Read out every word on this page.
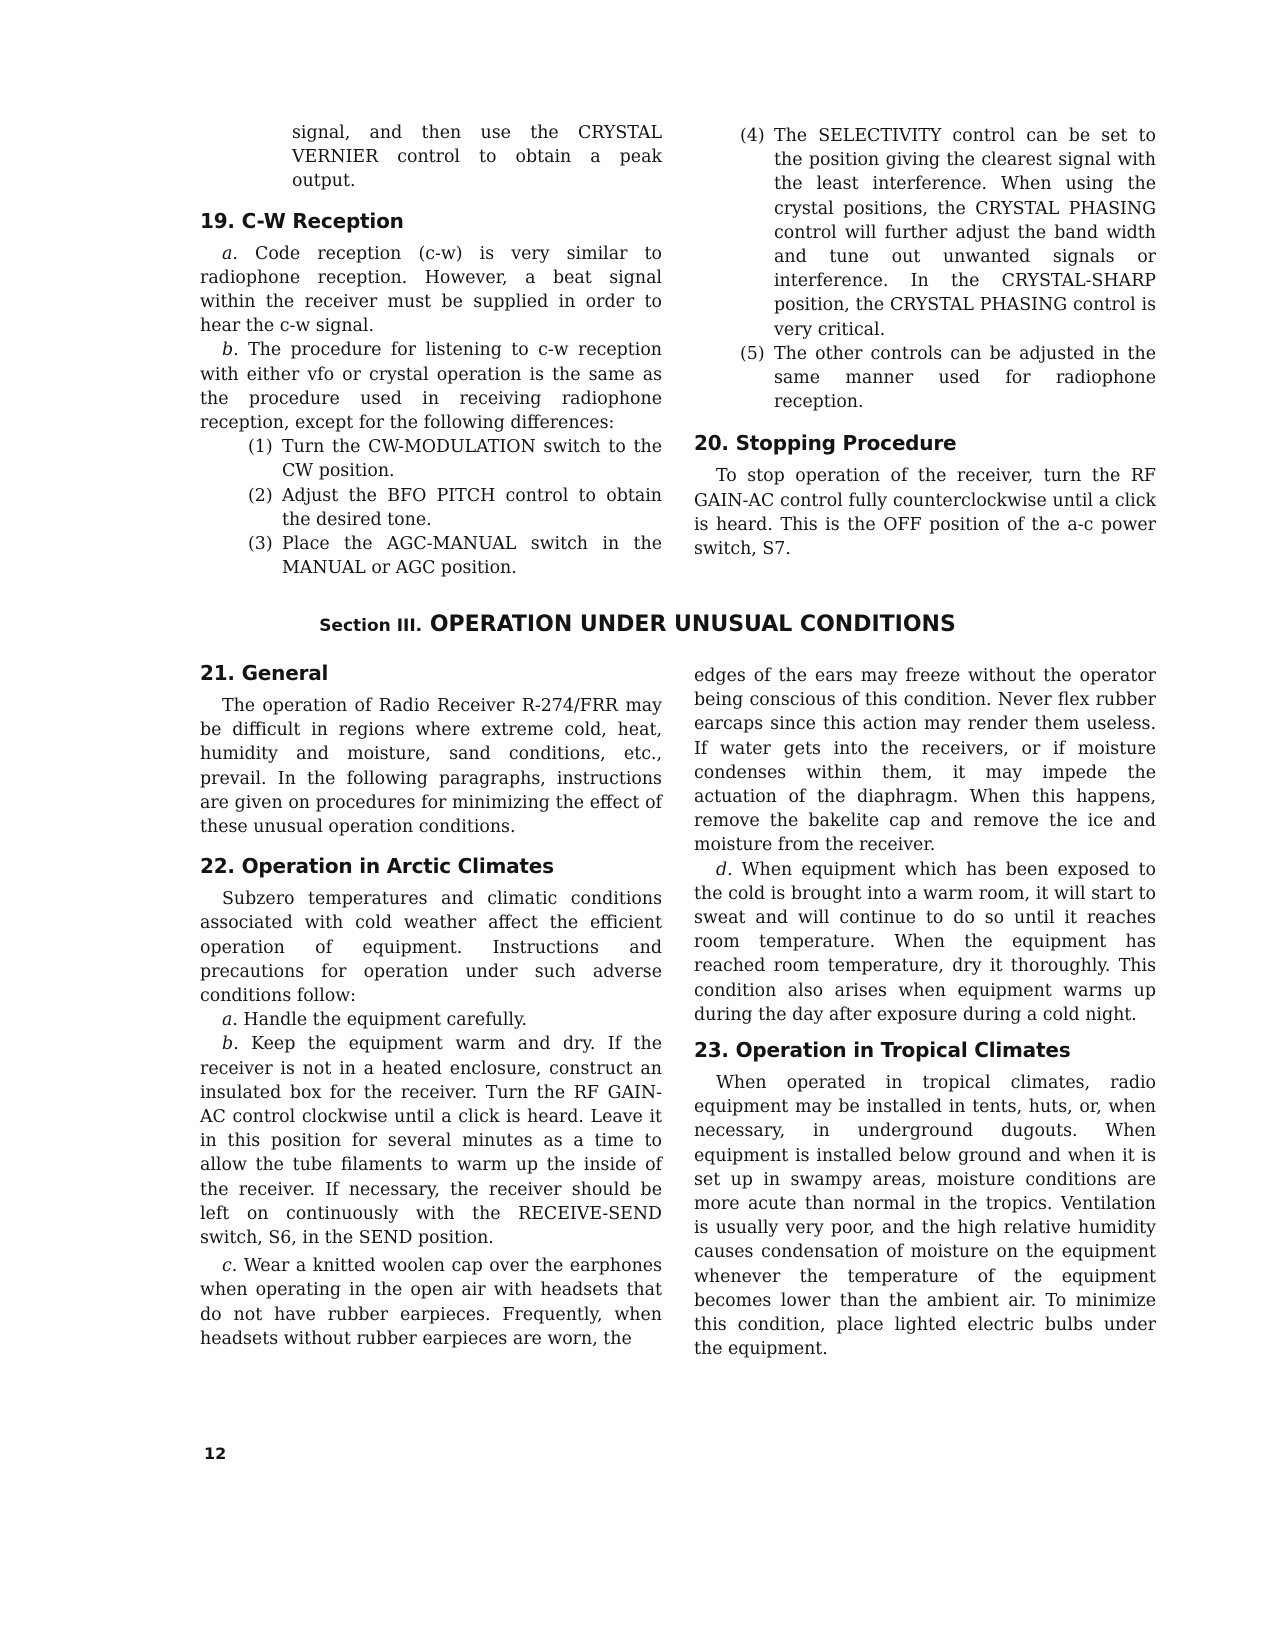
signal, and then use the CRYSTAL VERNIER control to obtain a peak output.

19. C-W Reception

a. Code reception (c-w) is very similar to radiophone reception. However, a beat signal within the receiver must be supplied in order to hear the c-w signal.

b. The procedure for listening to c-w reception with either vfo or crystal operation is the same as the procedure used in receiving radiophone reception, except for the following differences:

(1) Turn the CW-MODULATION switch to the CW position.
(2) Adjust the BFO PITCH control to obtain the desired tone.
(3) Place the AGC-MANUAL switch in the MANUAL or AGC position.
(4) The SELECTIVITY control can be set to the position giving the clearest signal with the least interference. When using the crystal positions, the CRYSTAL PHASING control will further adjust the band width and tune out unwanted signals or interference. In the CRYSTAL-SHARP position, the CRYSTAL PHASING control is very critical.
(5) The other controls can be adjusted in the same manner used for radiophone reception.
20. Stopping Procedure

To stop operation of the receiver, turn the RF GAIN-AC control fully counterclockwise until a click is heard. This is the OFF position of the a-c power switch, S7.

Section III. OPERATION UNDER UNUSUAL CONDITIONS
21. General

The operation of Radio Receiver R-274/FRR may be difficult in regions where extreme cold, heat, humidity and moisture, sand conditions, etc., prevail. In the following paragraphs, instructions are given on procedures for minimizing the effect of these unusual operation conditions.

22. Operation in Arctic Climates

Subzero temperatures and climatic conditions associated with cold weather affect the efficient operation of equipment. Instructions and precautions for operation under such adverse conditions follow:

a. Handle the equipment carefully.

b. Keep the equipment warm and dry. If the receiver is not in a heated enclosure, construct an insulated box for the receiver. Turn the RF GAIN-AC control clockwise until a click is heard. Leave it in this position for several minutes as a time to allow the tube filaments to warm up the inside of the receiver. If necessary, the receiver should be left on continuously with the RECEIVE-SEND switch, S6, in the SEND position.

c. Wear a knitted woolen cap over the earphones when operating in the open air with headsets that do not have rubber earpieces. Frequently, when headsets without rubber earpieces are worn, the

edges of the ears may freeze without the operator being conscious of this condition. Never flex rubber earcaps since this action may render them useless. If water gets into the receivers, or if moisture condenses within them, it may impede the actuation of the diaphragm. When this happens, remove the bakelite cap and remove the ice and moisture from the receiver.

d. When equipment which has been exposed to the cold is brought into a warm room, it will start to sweat and will continue to do so until it reaches room temperature. When the equipment has reached room temperature, dry it thoroughly. This condition also arises when equipment warms up during the day after exposure during a cold night.

23. Operation in Tropical Climates

When operated in tropical climates, radio equipment may be installed in tents, huts, or, when necessary, in underground dugouts. When equipment is installed below ground and when it is set up in swampy areas, moisture conditions are more acute than normal in the tropics. Ventilation is usually very poor, and the high relative humidity causes condensation of moisture on the equipment whenever the temperature of the equipment becomes lower than the ambient air. To minimize this condition, place lighted electric bulbs under the equipment.

12
